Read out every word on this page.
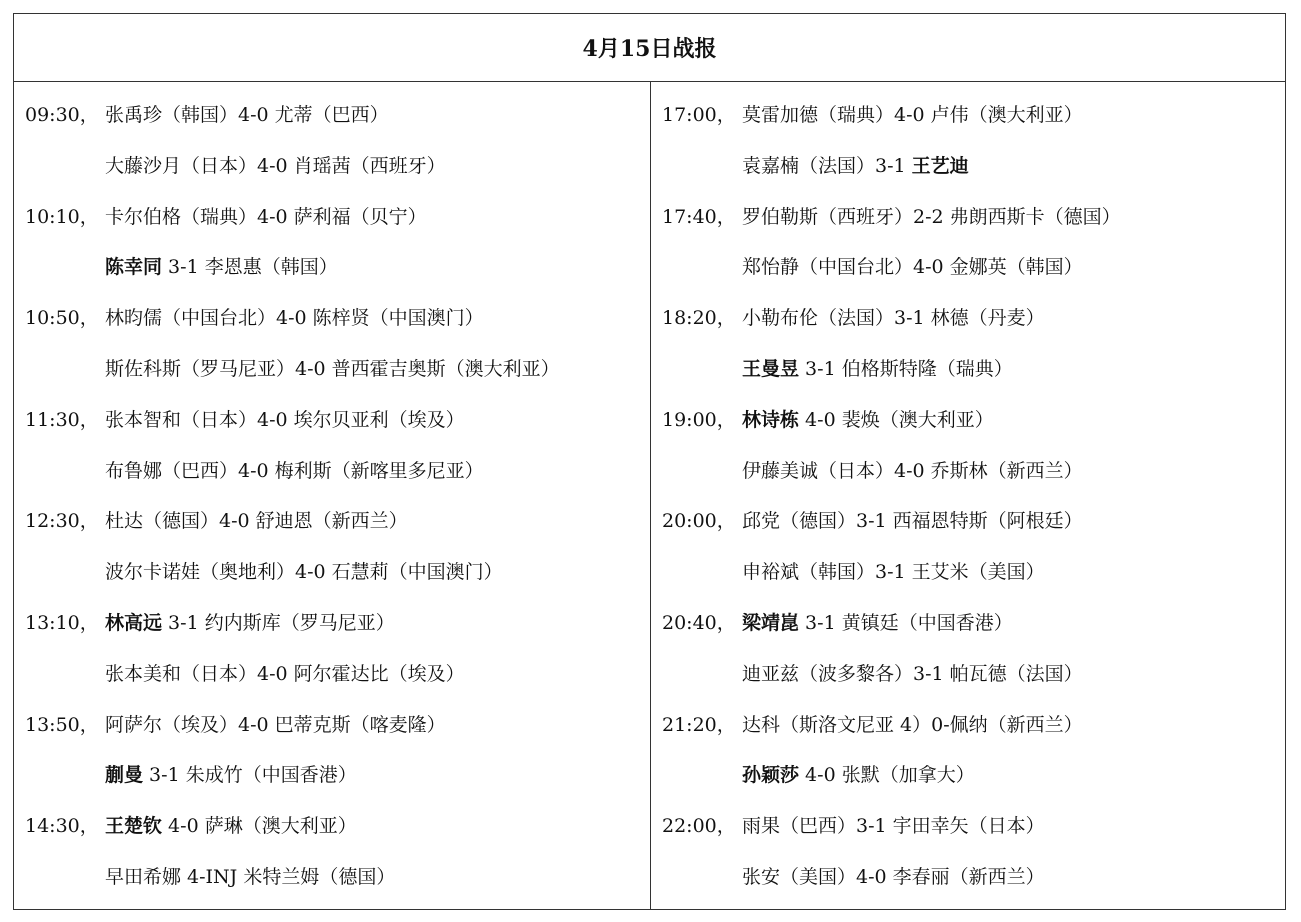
4月15日战报
09:30， 张禹珍（韩国）4-0 尤蒂（巴西）
大藤沙月（日本）4-0 肖瑶茜（西班牙）
10:10， 卡尔伯格（瑞典）4-0 萨利福（贝宁）
陈幸同 3-1 李恩惠（韩国）
10:50， 林昀儒（中国台北）4-0 陈梓贤（中国澳门）
斯佐科斯（罗马尼亚）4-0 普西霍吉奥斯（澳大利亚）
11:30， 张本智和（日本）4-0 埃尔贝亚利（埃及）
布鲁娜（巴西）4-0 梅利斯（新喀里多尼亚）
12:30， 杜达（德国）4-0 舒迪恩（新西兰）
波尔卡诺娃（奥地利）4-0 石慧莉（中国澳门）
13:10， 林高远 3-1 约内斯库（罗马尼亚）
张本美和（日本）4-0 阿尔霍达比（埃及）
13:50， 阿萨尔（埃及）4-0 巴蒂克斯（喀麦隆）
蒯曼 3-1 朱成竹（中国香港）
14:30， 王楚钦 4-0 萨琳（澳大利亚）
早田希娜 4-INJ 米特兰姆（德国）
17:00， 莫雷加德（瑞典）4-0 卢伟（澳大利亚）
袁嘉楠（法国）3-1 王艺迪
17:40， 罗伯勒斯（西班牙）2-2 弗朗西斯卡（德国）
郑怡静（中国台北）4-0 金娜英（韩国）
18:20， 小勒布伦（法国）3-1 林德（丹麦）
王曼昱 3-1 伯格斯特隆（瑞典）
19:00， 林诗栋 4-0 裴焕（澳大利亚）
伊藤美诚（日本）4-0 乔斯林（新西兰）
20:00， 邱党（德国）3-1 西福恩特斯（阿根廷）
申裕斌（韩国）3-1 王艾米（美国）
20:40， 梁靖崑 3-1 黄镇廷（中国香港）
迪亚兹（波多黎各）3-1 帕瓦德（法国）
21:20， 达科（斯洛文尼亚 4）0-佩纳（新西兰）
孙颖莎 4-0 张默（加拿大）
22:00， 雨果（巴西）3-1 宇田幸矢（日本）
张安（美国）4-0 李春丽（新西兰）
